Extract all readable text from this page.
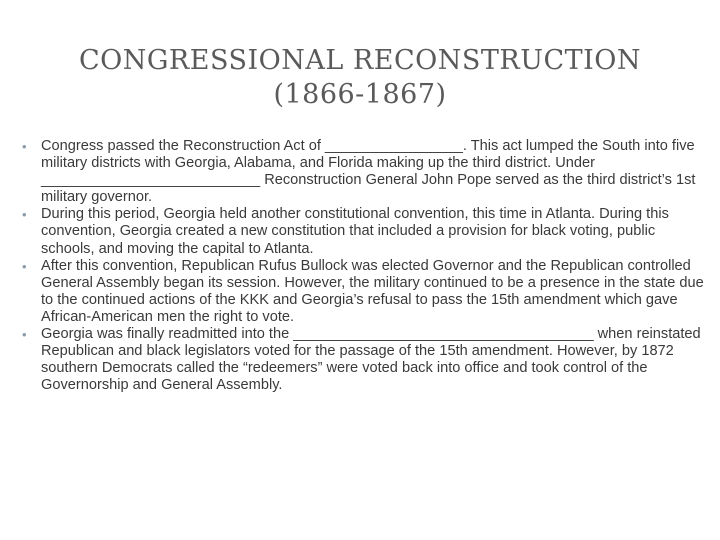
CONGRESSIONAL RECONSTRUCTION
(1866-1867)
• Congress passed the Reconstruction Act of _________________. This act lumped the South into five military districts with Georgia, Alabama, and Florida making up the third district. Under ___________________________ Reconstruction General John Pope served as the third district’s 1st military governor.
• During this period, Georgia held another constitutional convention, this time in Atlanta. During this convention, Georgia created a new constitution that included a provision for black voting, public schools, and moving the capital to Atlanta.
• After this convention, Republican Rufus Bullock was elected Governor and the Republican controlled General Assembly began its session. However, the military continued to be a presence in the state due to the continued actions of the KKK and Georgia’s refusal to pass the 15th amendment which gave African-American men the right to vote.
• Georgia was finally readmitted into the _____________________________________ when reinstated Republican and black legislators voted for the passage of the 15th amendment. However, by 1872 southern Democrats called the “redeemers” were voted back into office and took control of the Governorship and General Assembly.
